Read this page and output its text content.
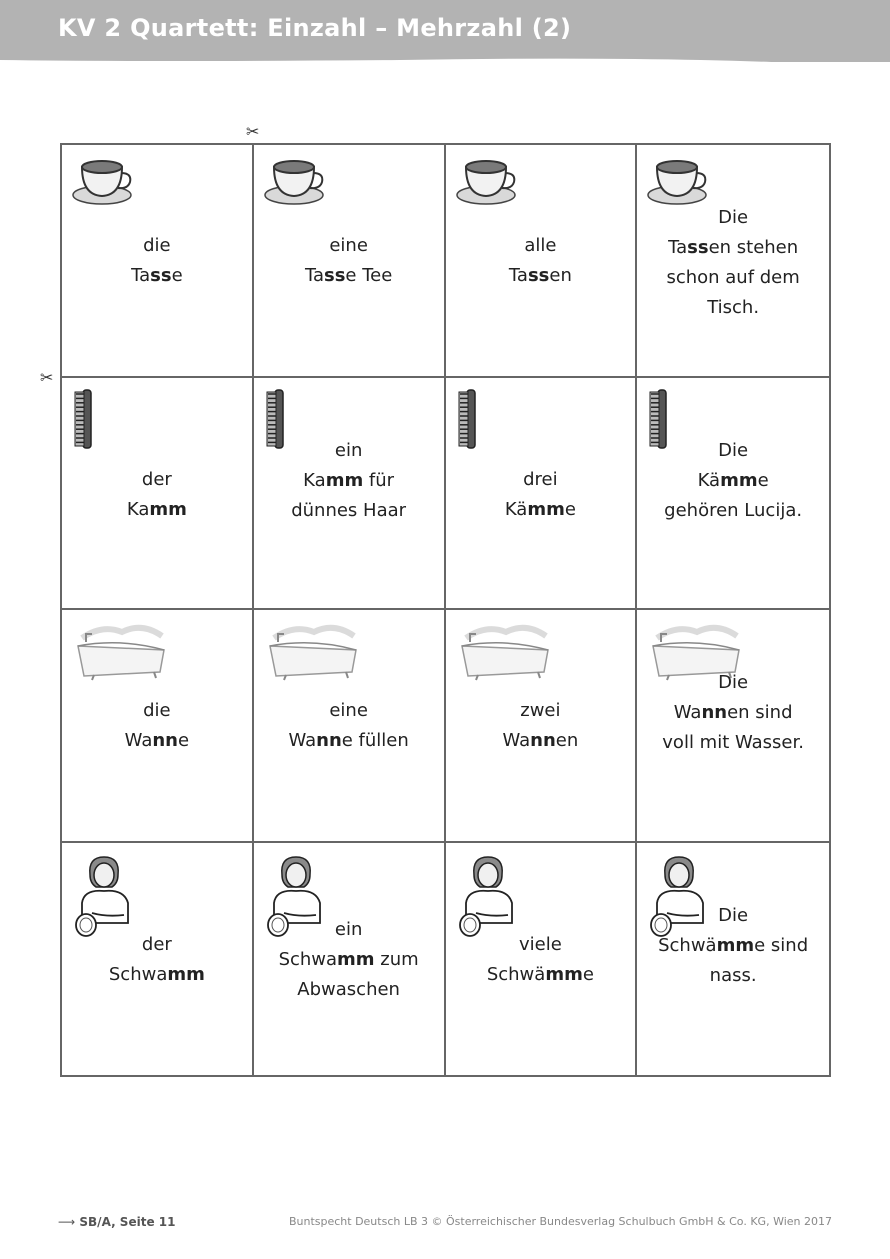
KV 2 Quartett: Einzahl – Mehrzahl (2)
✂
✂
die
Tasse
eine
Tasse Tee
alle
Tassen
Die
Tassen stehen
schon auf dem
Tisch.
der
Kamm
ein
Kamm für
dünnes Haar
drei
Kämme
Die
Kämme
gehören Lucija.
die
Wanne
eine
Wanne füllen
zwei
Wannen
Die
Wannen sind
voll mit Wasser.
der
Schwamm
ein
Schwamm zum
Abwaschen
viele
Schwämme
Die
Schwämme sind
nass.
⟶ SB/A, Seite 11	Buntspecht Deutsch LB 3 © Österreichischer Bundesverlag Schulbuch GmbH & Co. KG, Wien 2017
